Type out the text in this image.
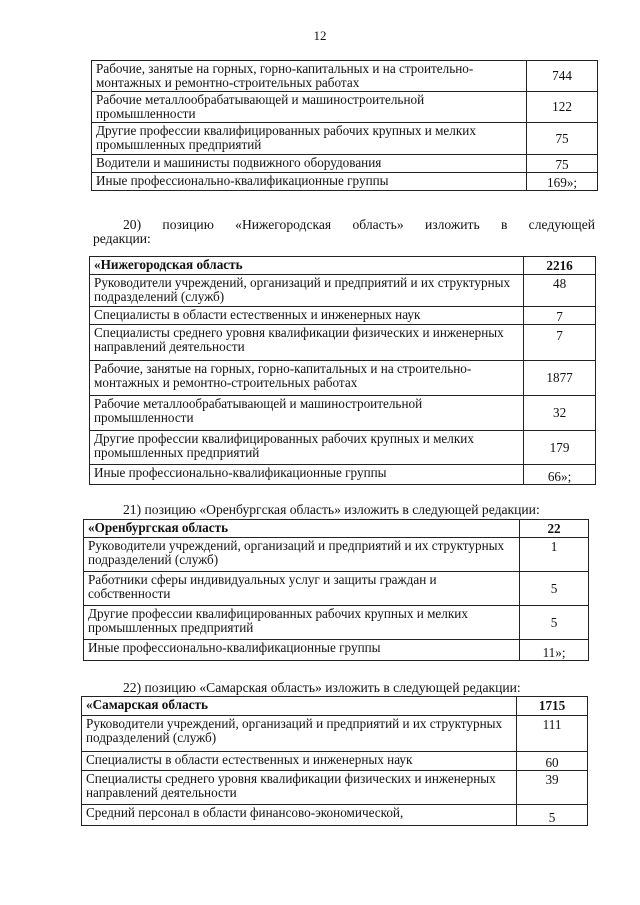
12
Рабочие, занятые на горных, горно-капитальных и на строительно-монтажных и ремонтно-строительных работах	744
Рабочие металлообрабатывающей и машиностроительной промышленности	122
Другие профессии квалифицированных рабочих крупных и мелких промышленных предприятий	75
Водители и машинисты подвижного оборудования	75
Иные профессионально-квалификационные группы	169»;
20) позицию «Нижегородская область» изложить в следующей
редакции:
«Нижегородская область	2216
Руководители учреждений, организаций и предприятий и их структурных подразделений (служб)	48
Специалисты в области естественных и инженерных наук	7
Специалисты среднего уровня квалификации физических и инженерных направлений деятельности	7
Рабочие, занятые на горных, горно-капитальных и на строительно-монтажных и ремонтно-строительных работах	1877
Рабочие металлообрабатывающей и машиностроительной промышленности	32
Другие профессии квалифицированных рабочих крупных и мелких промышленных предприятий	179
Иные профессионально-квалификационные группы	66»;
21) позицию «Оренбургская область» изложить в следующей редакции:
«Оренбургская область	22
Руководители учреждений, организаций и предприятий и их структурных подразделений (служб)	1
Работники сферы индивидуальных услуг и защиты граждан и собственности	5
Другие профессии квалифицированных рабочих крупных и мелких промышленных предприятий	5
Иные профессионально-квалификационные группы	11»;
22) позицию «Самарская область» изложить в следующей редакции:
«Самарская область	1715
Руководители учреждений, организаций и предприятий и их структурных подразделений (служб)	111
Специалисты в области естественных и инженерных наук	60
Специалисты среднего уровня квалификации физических и инженерных направлений деятельности	39
Средний персонал в области финансово-экономической,	5
